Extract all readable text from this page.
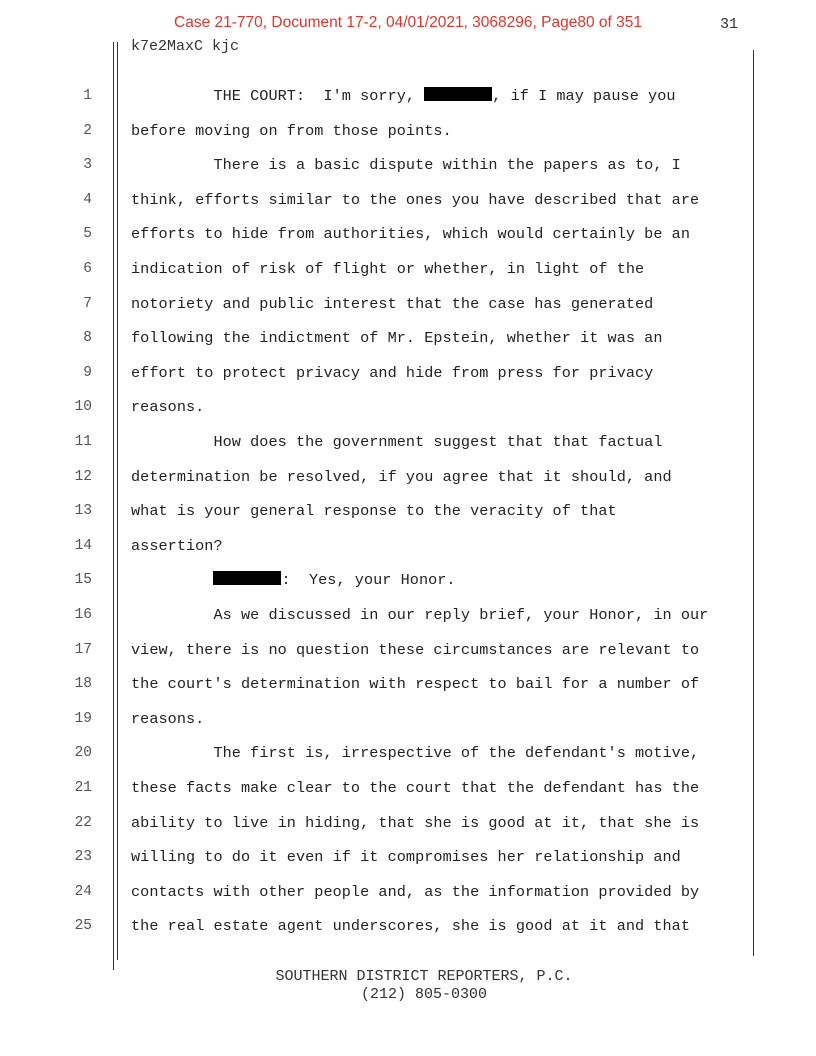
Case 21-770, Document 17-2, 04/01/2021, 3068296, Page80 of 351	31
k7e2MaxC kjc
1	THE COURT:  I'm sorry,	, if I may pause you
2	before moving on from those points.
3	There is a basic dispute within the papers as to, I
4	think, efforts similar to the ones you have described that are
5	efforts to hide from authorities, which would certainly be an
6	indication of risk of flight or whether, in light of the
7	notoriety and public interest that the case has generated
8	following the indictment of Mr. Epstein, whether it was an
9	effort to protect privacy and hide from press for privacy
10	reasons.
11	How does the government suggest that that factual
12	determination be resolved, if you agree that it should, and
13	what is your general response to the veracity of that
14	assertion?
15	:  Yes, your Honor.
16	As we discussed in our reply brief, your Honor, in our
17	view, there is no question these circumstances are relevant to
18	the court's determination with respect to bail for a number of
19	reasons.
20	The first is, irrespective of the defendant's motive,
21	these facts make clear to the court that the defendant has the
22	ability to live in hiding, that she is good at it, that she is
23	willing to do it even if it compromises her relationship and
24	contacts with other people and, as the information provided by
25	the real estate agent underscores, she is good at it and that
SOUTHERN DISTRICT REPORTERS, P.C.
(212) 805-0300
